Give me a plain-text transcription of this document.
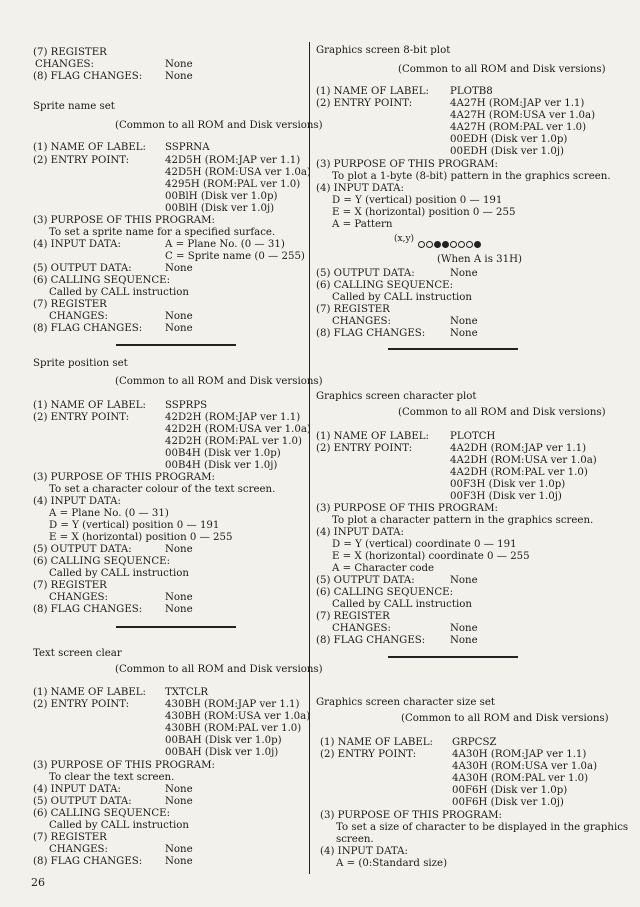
(7) REGISTER
CHANGES:	None
(8) FLAG CHANGES: None
Sprite name set
(Common to all ROM and Disk versions)
(1) NAME OF LABEL: SSPRNA
(2) ENTRY POINT:	42D5H (ROM:JAP ver 1.1)
42D5H (ROM:USA ver 1.0a)
4295H (ROM:PAL ver 1.0)
00BlH (Disk ver 1.0p)
00BlH (Disk ver 1.0j)
(3) PURPOSE OF THIS PROGRAM:
To set a sprite name for a specified surface.
(4) INPUT DATA:	A = Plane No. (0 — 31)
C = Sprite name (0 — 255)
(5) OUTPUT DATA:	None
(6) CALLING SEQUENCE:
Called by CALL instruction
(7) REGISTER
CHANGES:	None
(8) FLAG CHANGES: None
Sprite position set
(Common to all ROM and Disk versions)
(1) NAME OF LABEL: SSPRPS
(2) ENTRY POINT:	42D2H (ROM:JAP ver 1.1)
42D2H (ROM:USA ver 1.0a)
42D2H (ROM:PAL ver 1.0)
00B4H (Disk ver 1.0p)
00B4H (Disk ver 1.0j)
(3) PURPOSE OF THIS PROGRAM:
To set a character colour of the text screen.
(4) INPUT DATA:
A = Plane No. (0 — 31)
D = Y (vertical) position 0 — 191
E = X (horizontal) position 0 — 255
(5) OUTPUT DATA:	None
(6) CALLING SEQUENCE:
Called by CALL instruction
(7) REGISTER
CHANGES:	None
(8) FLAG CHANGES: None
Text screen clear
(Common to all ROM and Disk versions)
(1) NAME OF LABEL: TXTCLR
(2) ENTRY POINT:	430BH (ROM:JAP ver 1.1)
430BH (ROM:USA ver 1.0a)
430BH (ROM:PAL ver 1.0)
00BAH (Disk ver 1.0p)
00BAH (Disk ver 1.0j)
(3) PURPOSE OF THIS PROGRAM:
To clear the text screen.
(4) INPUT DATA:	None
(5) OUTPUT DATA:	None
(6) CALLING SEQUENCE:
Called by CALL instruction
(7) REGISTER
CHANGES:	None
(8) FLAG CHANGES: None
Graphics screen 8-bit plot
(Common to all ROM and Disk versions)
(1) NAME OF LABEL: PLOTB8
(2) ENTRY POINT:	4A27H (ROM:JAP ver 1.1)
4A27H (ROM:USA ver 1.0a)
4A27H (ROM:PAL ver 1.0)
00EDH (Disk ver 1.0p)
00EDH (Disk ver 1.0j)
(3) PURPOSE OF THIS PROGRAM:
To plot a 1-byte (8-bit) pattern in the graphics screen.
(4) INPUT DATA:
D = Y (vertical) position 0 — 191
E = X (horizontal) position 0 — 255
A = Pattern
(x,y)
(When A is 31H)
(5) OUTPUT DATA:	None
(6) CALLING SEQUENCE:
Called by CALL instruction
(7) REGISTER
CHANGES:	None
(8) FLAG CHANGES: None
Graphics screen character plot
(Common to all ROM and Disk versions)
(1) NAME OF LABEL: PLOTCH
(2) ENTRY POINT:	4A2DH (ROM:JAP ver 1.1)
4A2DH (ROM:USA ver 1.0a)
4A2DH (ROM:PAL ver 1.0)
00F3H (Disk ver 1.0p)
00F3H (Disk ver 1.0j)
(3) PURPOSE OF THIS PROGRAM:
To plot a character pattern in the graphics screen.
(4) INPUT DATA:
D = Y (vertical) coordinate 0 — 191
E = X (horizontal) coordinate 0 — 255
A = Character code
(5) OUTPUT DATA:	None
(6) CALLING SEQUENCE:
Called by CALL instruction
(7) REGISTER
CHANGES:	None
(8) FLAG CHANGES: None
Graphics screen character size set
(Common to all ROM and Disk versions)
(1) NAME OF LABEL: GRPCSZ
(2) ENTRY POINT:	4A30H (ROM:JAP ver 1.1)
4A30H (ROM:USA ver 1.0a)
4A30H (ROM:PAL ver 1.0)
00F6H (Disk ver 1.0p)
00F6H (Disk ver 1.0j)
(3) PURPOSE OF THIS PROGRAM:
To set a size of character to be displayed in the graphics
screen.
(4) INPUT DATA:
A = (0:Standard size)
26
